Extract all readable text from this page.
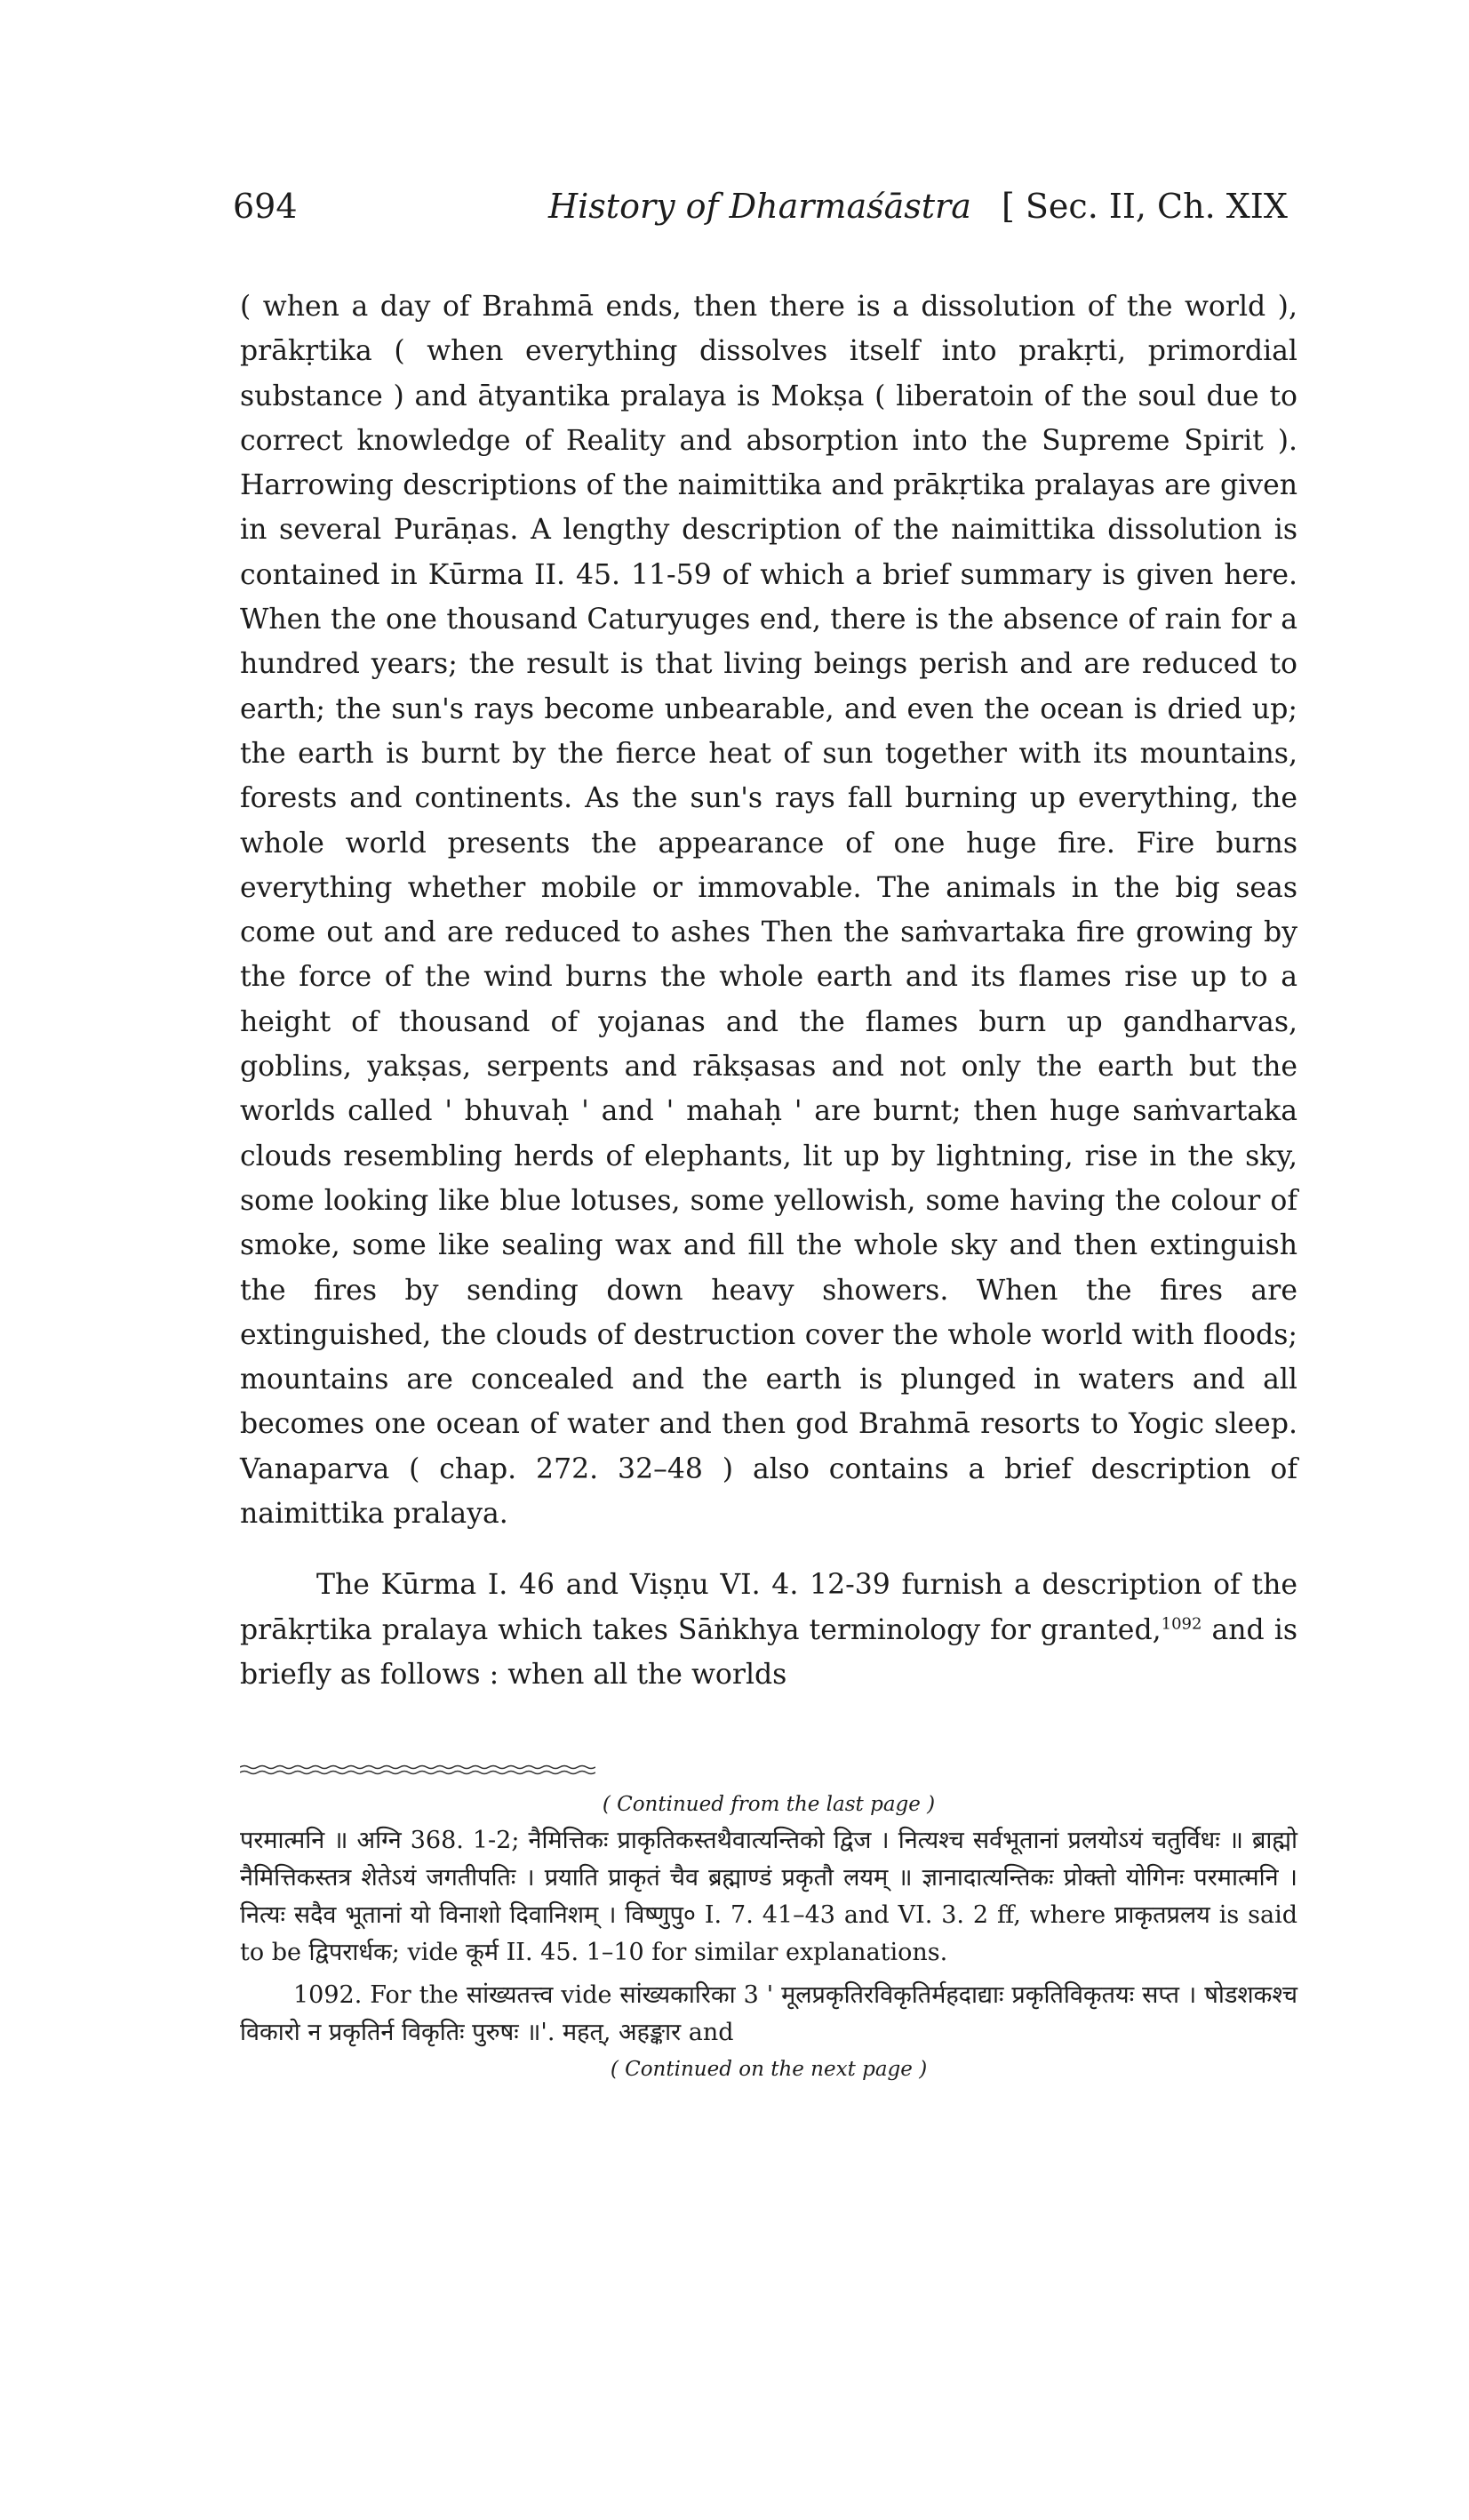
694	History of Dharmaśāstra [ Sec. II, Ch. XIX

( when a day of Brahmā ends, then there is a dissolution of the world ), prākṛtika ( when everything dissolves itself into prakṛti, primordial substance ) and ātyantika pralaya is Mokṣa ( liberatoin of the soul due to correct knowledge of Reality and absorption into the Supreme Spirit ). Harrowing descriptions of the naimittika and prākṛtika pralayas are given in several Purāṇas. A lengthy description of the naimittika dissolution is contained in Kūrma II. 45. 11-59 of which a brief summary is given here. When the one thousand Caturyuges end, there is the absence of rain for a hundred years; the result is that living beings perish and are reduced to earth; the sun's rays become unbearable, and even the ocean is dried up; the earth is burnt by the fierce heat of sun together with its mountains, forests and continents. As the sun's rays fall burning up everything, the whole world presents the appearance of one huge fire. Fire burns everything whether mobile or immovable. The animals in the big seas come out and are reduced to ashes Then the saṁvartaka fire growing by the force of the wind burns the whole earth and its flames rise up to a height of thousand of yojanas and the flames burn up gandharvas, goblins, yakṣas, serpents and rākṣasas and not only the earth but the worlds called ' bhuvaḥ ' and ' mahaḥ ' are burnt; then huge saṁvartaka clouds resembling herds of elephants, lit up by lightning, rise in the sky, some looking like blue lotuses, some yellowish, some having the colour of smoke, some like sealing wax and fill the whole sky and then extinguish the fires by sending down heavy showers. When the fires are extinguished, the clouds of destruction cover the whole world with floods; mountains are concealed and the earth is plunged in waters and all becomes one ocean of water and then god Brahmā resorts to Yogic sleep. Vanaparva ( chap. 272. 32–48 ) also contains a brief description of naimittika pralaya.

The Kūrma I. 46 and Viṣṇu VI. 4. 12-39 furnish a description of the prākṛtika pralaya which takes Sāṅkhya terminology for granted,$^{1092}$ and is briefly as follows : when all the worlds

( Continued from the last page )

परमात्मनि ॥ अग्नि 368. 1-2; नैमित्तिकः प्राकृतिकस्तथैवात्यन्तिको द्विज । नित्यश्च सर्वभूतानां प्रलयोऽयं चतुर्विधः ॥ ब्राह्मो नैमित्तिकस्तत्र शेतेऽयं जगतीपतिः । प्रयाति प्राकृतं चैव ब्रह्माण्डं प्रकृतौ लयम् ॥ ज्ञानादात्यन्तिकः प्रोक्तो योगिनः परमात्मनि । नित्यः सदैव भूतानां यो विनाशो दिवानिशम् । विष्णुपु० I. 7. 41–43 and VI. 3. 2 ff, where प्राकृतप्रलय is said to be द्विपरार्धक; vide कूर्म II. 45. 1–10 for similar explanations.

1092. For the सांख्यतत्त्व vide सांख्यकारिका 3 ' मूलप्रकृतिरविकृतिर्महदाद्याः प्रकृतिविकृतयः सप्त । षोडशकश्च विकारो न प्रकृतिर्न विकृतिः पुरुषः ॥'. महत्, अहङ्कार and

( Continued on the next page )
